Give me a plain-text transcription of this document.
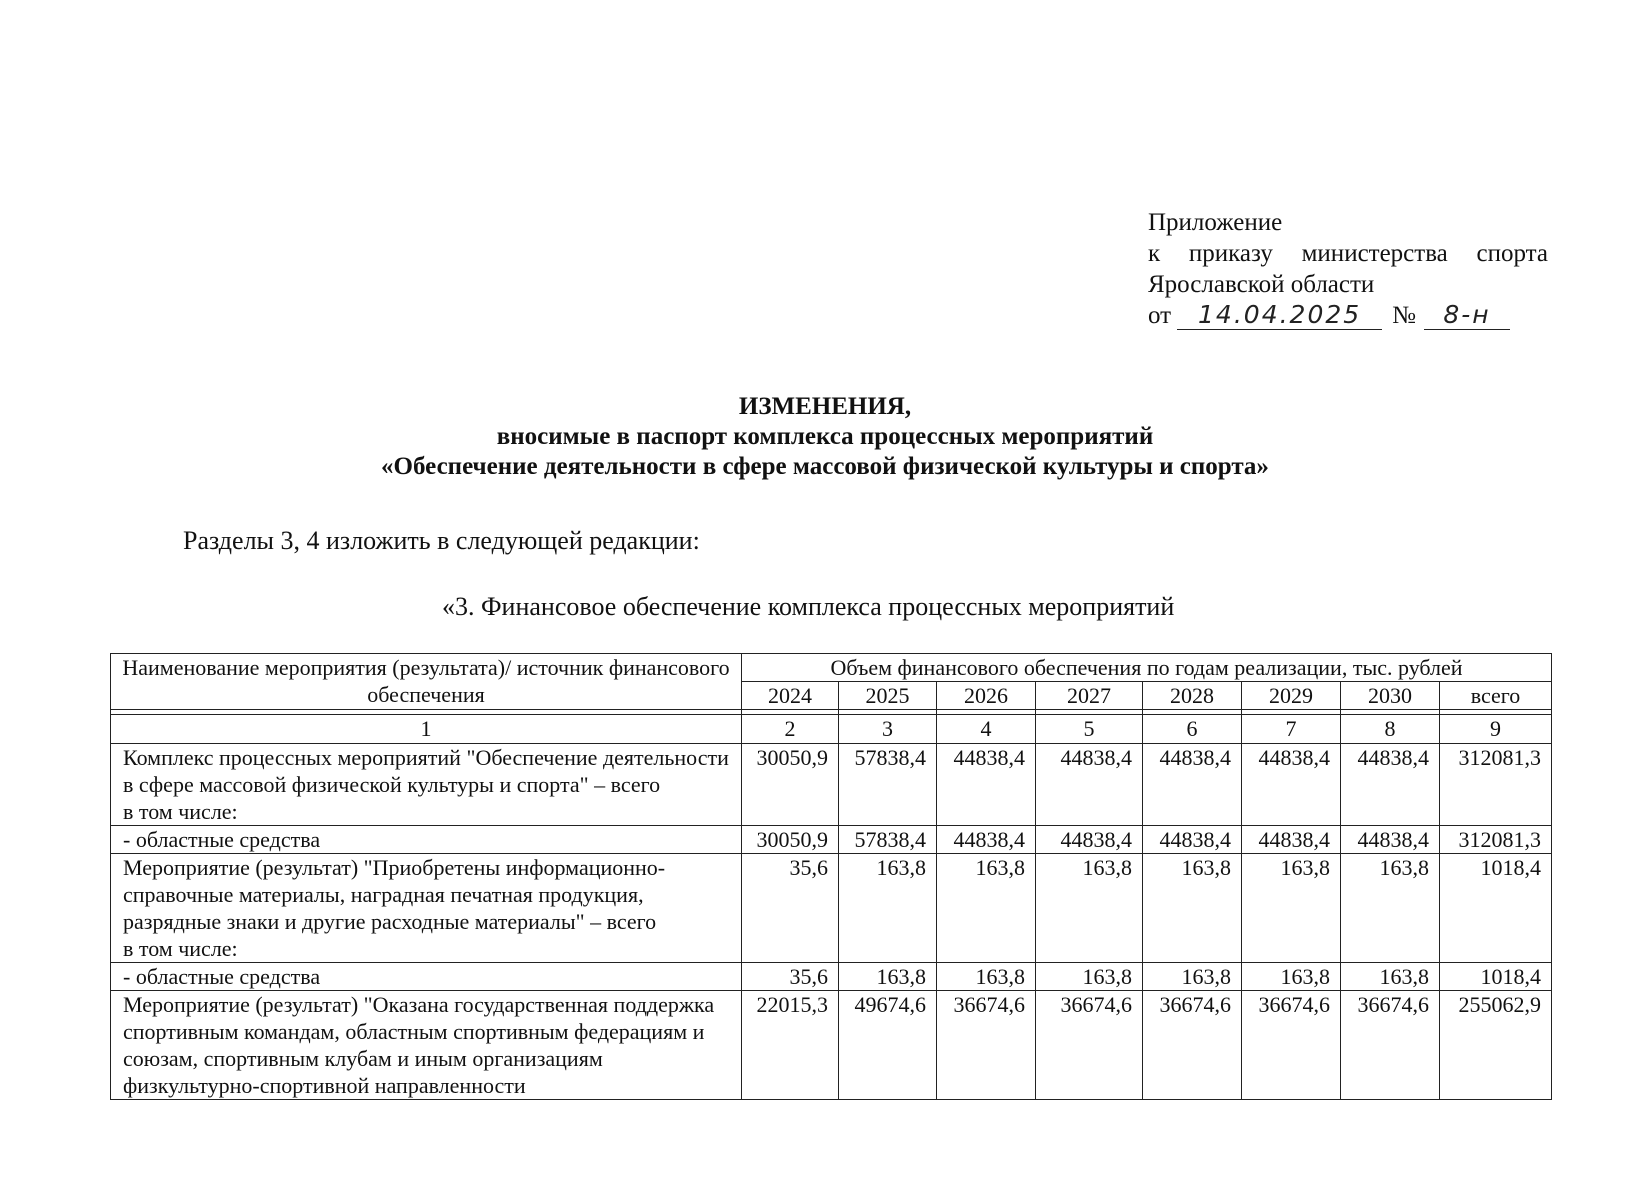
Приложение
к приказу министерства спорта
Ярославской области
от	14.04.2025	№	8-н
ИЗМЕНЕНИЯ,
вносимые в паспорт комплекса процессных мероприятий
«Обеспечение деятельности в сфере массовой физической культуры и спорта»
Разделы 3, 4 изложить в следующей редакции:
«3. Финансовое обеспечение комплекса процессных мероприятий
Наименование мероприятия (результата)/ источник финансового обеспечения	Объем финансового обеспечения по годам реализации, тыс. рублей							
	2024	2025	2026	2027	2028	2029	2030	всего

1	2	3	4	5	6	7	8	9
Комплекс процессных мероприятий "Обеспечение деятельности в сфере массовой физической культуры и спорта" – всего
в том числе:	30050,9	57838,4	44838,4	44838,4	44838,4	44838,4	44838,4	312081,3
- областные средства	30050,9	57838,4	44838,4	44838,4	44838,4	44838,4	44838,4	312081,3
Мероприятие (результат) "Приобретены информационно-справочные материалы, наградная печатная продукция, разрядные знаки и другие расходные материалы" – всего
в том числе:	35,6	163,8	163,8	163,8	163,8	163,8	163,8	1018,4
- областные средства	35,6	163,8	163,8	163,8	163,8	163,8	163,8	1018,4
Мероприятие (результат) "Оказана государственная поддержка спортивным командам, областным спортивным федерациям и союзам, спортивным клубам и иным организациям физкультурно-спортивной направленности	22015,3	49674,6	36674,6	36674,6	36674,6	36674,6	36674,6	255062,9
